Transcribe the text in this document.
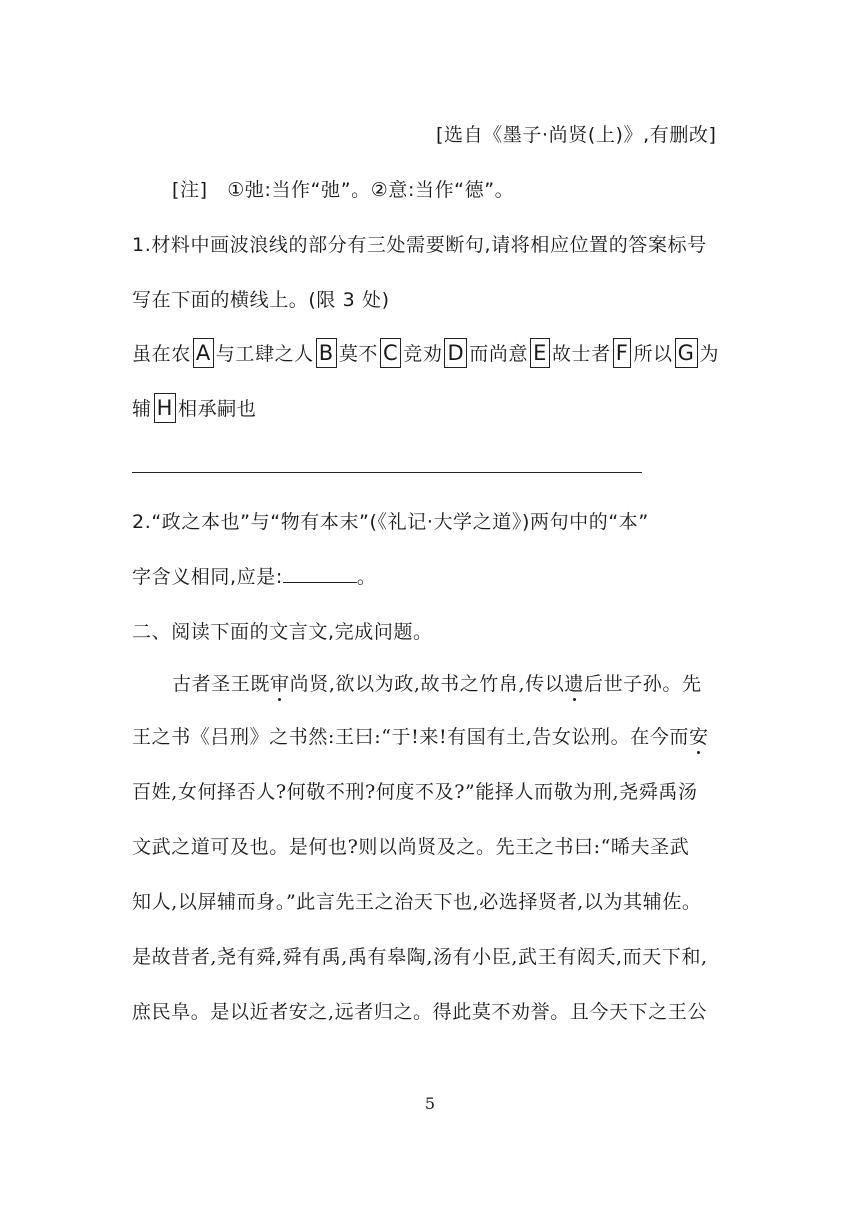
[选自《墨子·尚贤(上)》,有删改]
[注]　①弛:当作“弛”。②意:当作“德”。
1.材料中画波浪线的部分有三处需要断句,请将相应位置的答案标号
写在下面的横线上。(限 3 处)
虽在农 A 与工肆之人 B 莫不 C 竞劝 D 而尚意 E 故士者 F 所以 G 为
辅 H 相承嗣也
2.“政之本也”与“物有本末”(《礼记·大学之道》)两句中的“本”
字含义相同,应是:	。
二、阅读下面的文言文,完成问题。
古者圣王既审尚贤,欲以为政,故书之竹帛,传以遗后世子孙。先
王之书《吕刑》之书然:王曰:“于!来!有国有土,告女讼刑。在今而安
百姓,女何择否人?何敬不刑?何度不及?”能择人而敬为刑,尧舜禹汤
文武之道可及也。是何也?则以尚贤及之。先王之书曰:“晞夫圣武
知人,以屏辅而身。”此言先王之治天下也,必选择贤者,以为其辅佐。
是故昔者,尧有舜,舜有禹,禹有皋陶,汤有小臣,武王有闳夭,而天下和,
庶民阜。是以近者安之,远者归之。得此莫不劝誉。且今天下之王公
5
